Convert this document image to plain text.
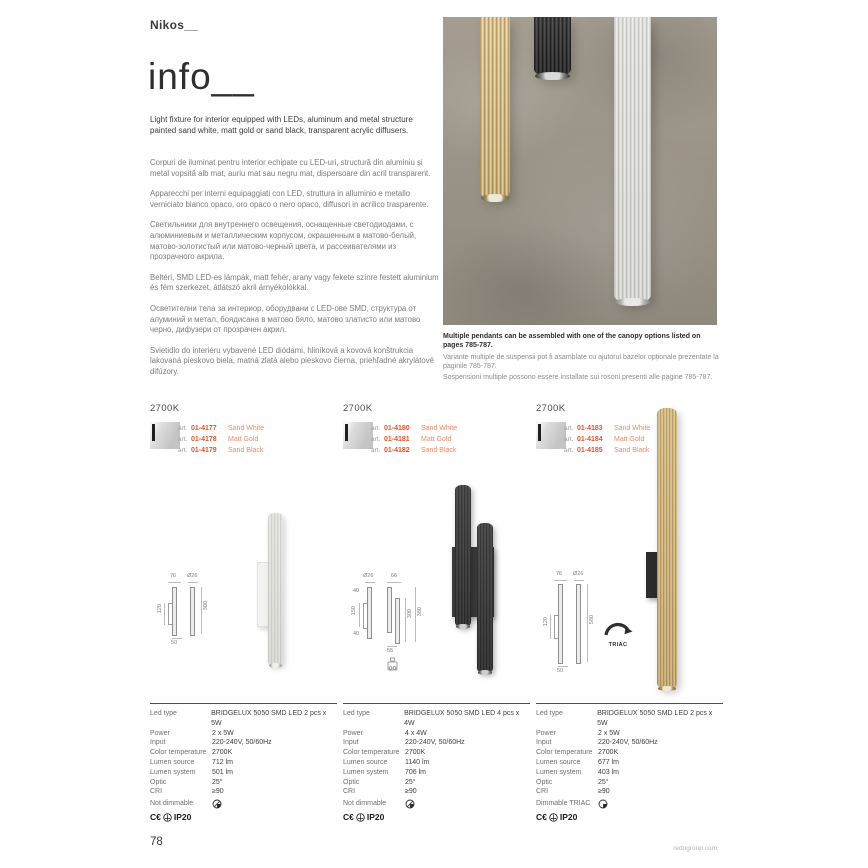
Nikos__
info__
Light fixture for interior equipped with LEDs, aluminum and metal structure painted sand white, matt gold or sand black, transparent acrylic diffusers.

Corpuri de iluminat pentru interior echipate cu LED-uri, structură din aluminiu și metal vopsită alb mat, auriu mat sau negru mat, dispersoare din acril transparent.

Apparecchi per interni equipaggiati con LED, struttura in alluminio e metallo verniciato bianco opaco, oro opaco o nero opaco, diffusori in acrilico trasparente.

Светильники для внутреннего освещения, оснащенные светодиодами, с алюминиевым и металлическим корпусом, окрашенным в матово-белый, матово-золотистый или матово-черный цвета, и рассеивателями из прозрачного акрила.

Beltéri, SMD LED-es lámpák, matt fehér, arany vagy fekete színre festett aluminium és fém szerkezet, átlátszó akril árnyékolókkal.

Осветителни тела за интериор, оборудвани с LED-ове SMD, структура от алуминий и метал, боядисана в матово бяло, матово златисто или матово черно, дифузери от прозрачен акрил.

Svietidlo do interiéru vybavené LED diódami, hliníková a kovová konštrukcia lakovaná pieskovo biela, matná zlatá alebo pieskovo čierna, priehľadné akrylátové difúzory.

Multiple pendants can be assembled with one of the canopy options listed on pages 785-787.

Variante multiple de suspensii pot fi asamblate cu ajutorul bazelor opționale prezentate la paginile 785-787.

Sospensioni multiple possono essere installate sui rosoni presenti alle pagine 785-787.

2700K
art. 01-4177	Sand White
art. 01-4178	Matt Gold
art. 01-4179	Sand Black
76 Ø26
120	300
50
2700K
art. 01-4180	Sand White
art. 01-4181	Matt Gold
art. 01-4182	Sand Black
Ø26
40
150
40
66
300 380
55
2700K
art. 01-4183	Sand White
art. 01-4184	Matt Gold
art. 01-4185	Sand Black
76 Ø26
120	580
50
TRIAC
Led type	BRIDGELUX 5050 SMD LED 2 pcs x 5W
Power	2 x 5W
Input	220-240V, 50/60Hz
Color temperature 2700K
Lumen source	712 lm
Lumen system	501 lm
Optic	25°
CRI	≥90
Not dimmable
C€ IP20
Led type	BRIDGELUX 5050 SMD LED 4 pcs x 4W
Power	4 x 4W
Input	220-240V, 50/60Hz
Color temperature 2700K
Lumen source	1140 lm
Lumen system	706 lm
Optic	25°
CRI	≥90
Not dimmable
C€ IP20
Led type	BRIDGELUX 5050 SMD LED 2 pcs x 5W
Power	2 x 5W
Input	220-240V, 50/60Hz
Color temperature 2700K
Lumen source	677 lm
Lumen system	403 lm
Optic	25°
CRI	≥90
Dimmable TRIAC
C€ IP20
78
redogroup.com
